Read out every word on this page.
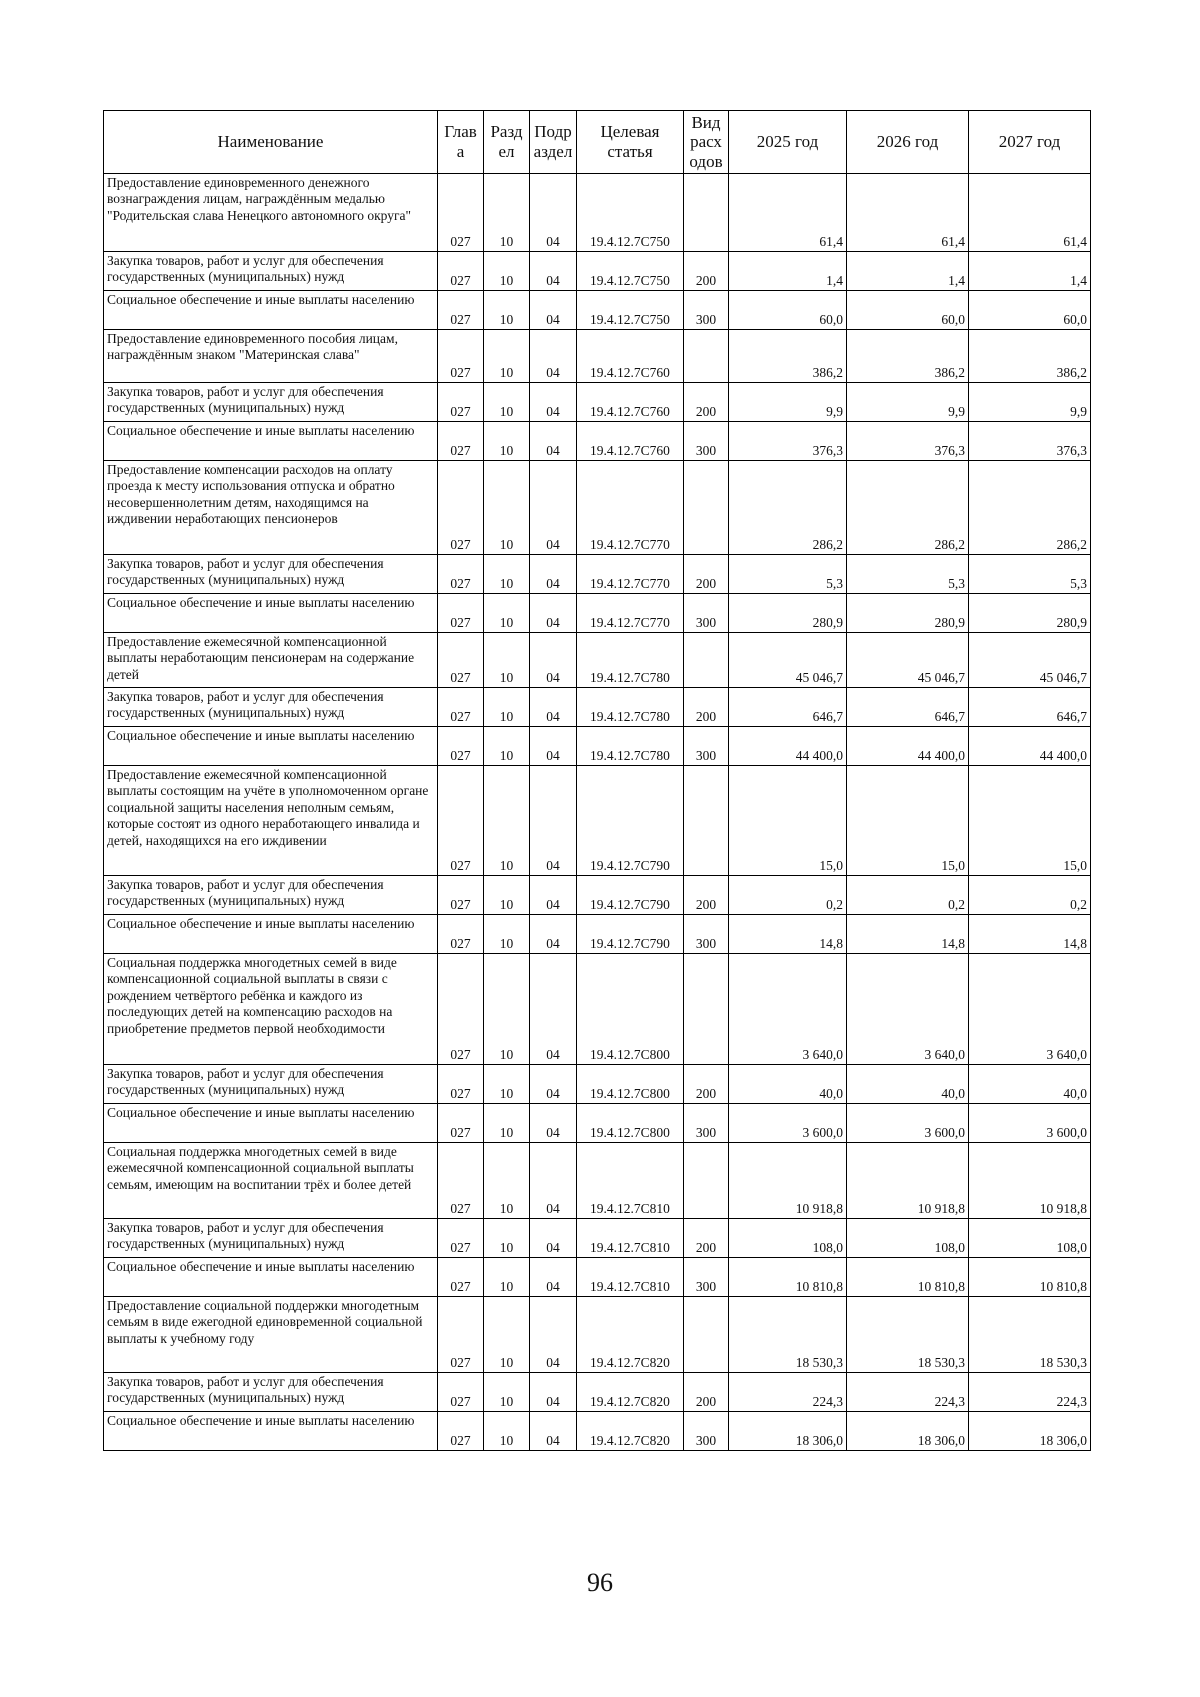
Наименование	Глав а	Разд ел	Подр аздел	Целевая статья	Вид расх одов	2025 год	2026 год	2027 год
Предоставление единовременного денежного вознаграждения лицам, награждённым медалью "Родительская слава Ненецкого автономного округа"	027	10	04	19.4.12.7С750		61,4	61,4	61,4
Закупка товаров, работ и услуг для обеспечения государственных (муниципальных) нужд	027	10	04	19.4.12.7С750	200	1,4	1,4	1,4
Социальное обеспечение и иные выплаты населению	027	10	04	19.4.12.7С750	300	60,0	60,0	60,0
Предоставление единовременного пособия лицам, награждённым знаком "Материнская слава"	027	10	04	19.4.12.7С760		386,2	386,2	386,2
Закупка товаров, работ и услуг для обеспечения государственных (муниципальных) нужд	027	10	04	19.4.12.7С760	200	9,9	9,9	9,9
Социальное обеспечение и иные выплаты населению	027	10	04	19.4.12.7С760	300	376,3	376,3	376,3
Предоставление компенсации расходов на оплату проезда к месту использования отпуска и обратно несовершеннолетним детям, находящимся на иждивении неработающих пенсионеров	027	10	04	19.4.12.7С770		286,2	286,2	286,2
Закупка товаров, работ и услуг для обеспечения государственных (муниципальных) нужд	027	10	04	19.4.12.7С770	200	5,3	5,3	5,3
Социальное обеспечение и иные выплаты населению	027	10	04	19.4.12.7С770	300	280,9	280,9	280,9
Предоставление ежемесячной компенсационной выплаты неработающим пенсионерам на содержание детей	027	10	04	19.4.12.7С780		45 046,7	45 046,7	45 046,7
Закупка товаров, работ и услуг для обеспечения государственных (муниципальных) нужд	027	10	04	19.4.12.7С780	200	646,7	646,7	646,7
Социальное обеспечение и иные выплаты населению	027	10	04	19.4.12.7С780	300	44 400,0	44 400,0	44 400,0
Предоставление ежемесячной компенсационной выплаты состоящим на учёте в уполномоченном органе социальной защиты населения неполным семьям, которые состоят из одного неработающего инвалида и детей, находящихся на его иждивении	027	10	04	19.4.12.7С790		15,0	15,0	15,0
Закупка товаров, работ и услуг для обеспечения государственных (муниципальных) нужд	027	10	04	19.4.12.7С790	200	0,2	0,2	0,2
Социальное обеспечение и иные выплаты населению	027	10	04	19.4.12.7С790	300	14,8	14,8	14,8
Социальная поддержка многодетных семей в виде компенсационной социальной выплаты в связи с рождением четвёртого ребёнка и каждого из последующих детей на компенсацию расходов на приобретение предметов первой необходимости	027	10	04	19.4.12.7С800		3 640,0	3 640,0	3 640,0
Закупка товаров, работ и услуг для обеспечения государственных (муниципальных) нужд	027	10	04	19.4.12.7С800	200	40,0	40,0	40,0
Социальное обеспечение и иные выплаты населению	027	10	04	19.4.12.7С800	300	3 600,0	3 600,0	3 600,0
Социальная поддержка многодетных семей в виде ежемесячной компенсационной социальной выплаты семьям, имеющим на воспитании трёх и более детей	027	10	04	19.4.12.7С810		10 918,8	10 918,8	10 918,8
Закупка товаров, работ и услуг для обеспечения государственных (муниципальных) нужд	027	10	04	19.4.12.7С810	200	108,0	108,0	108,0
Социальное обеспечение и иные выплаты населению	027	10	04	19.4.12.7С810	300	10 810,8	10 810,8	10 810,8
Предоставление социальной поддержки многодетным семьям в виде ежегодной единовременной социальной выплаты к учебному году	027	10	04	19.4.12.7С820		18 530,3	18 530,3	18 530,3
Закупка товаров, работ и услуг для обеспечения государственных (муниципальных) нужд	027	10	04	19.4.12.7С820	200	224,3	224,3	224,3
Социальное обеспечение и иные выплаты населению	027	10	04	19.4.12.7С820	300	18 306,0	18 306,0	18 306,0
96
